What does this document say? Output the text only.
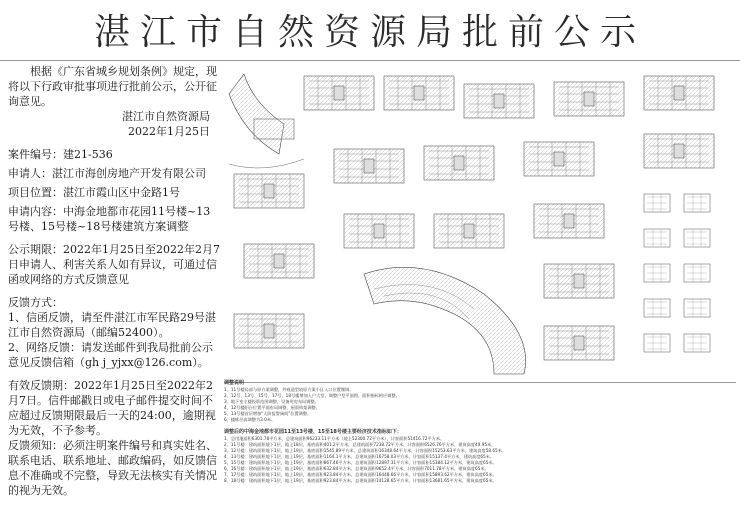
湛江市自然资源局批前公示

根据《广东省城乡规划条例》规定，现将以下行政审批事项进行批前公示，公开征询意见。

湛江市自然资源局

2022年1月25日

案件编号：建21-536

申请人：湛江市海创房地产开发有限公司

项目位置：湛江市霞山区中金路1号

申请内容：中海金地都市花园11号楼~13号楼、15号楼~18号楼建筑方案调整

公示期限：2022年1月25日至2022年2月7日申请人、利害关系人如有异议，可通过信函或网络的方式反馈意见

反馈方式：

1、信函反馈，请至件湛江市军民路29号湛江市自然资源局（邮编52400）。

2、网络反馈：请发送邮件到我局批前公示意见反馈信箱（gh j_yjxx@126.com）。

有效反馈期：2022年1月25日至2022年2月7日。信件邮戳日或电子邮件提交时间不应超过反馈期限最后一天的24:00，逾期视为无效，不予参考。

反馈须知：必须注明案件编号和真实姓名、联系电话、联系地址、邮政编码，如反馈信息不准确或不完整，导致无法核实有关情况的视为无效。

调整说明
1、11号楼局部与原方案调整，外观造型较原方案小区入口位置微调。
2、12号、13号、15号、17号、18号楼增加入户大堂，调整户型平面图，面积指标相应调整。
3、地下室主楼投影范围调整，设备用房布局调整。
4、12号楼阳台位置平面布局调整，屋面构架调整。
5、13号楼首层增加"人防报警阀间"位置调整。
6、楼栋层高调整为3.0米。
调整后的中海金地都市花园11至13号楼、15至18号楼主要经济技术指标如下：
1、总用地面积6301.78平方米，总建筑面积96233.11平方米（地上52300.72平方米），计容面积51416.72平方米。
2、11号楼：建筑面积地下1层，地上18层，基底面积401.2平方米，总建筑面积7238.72平方米，计容面积6526.76平方米，建筑高度49.95米。
3、12号楼：建筑面积地下1层，地上19层，基底面积1545.89平方米，总建筑面积16348.64平方米，计容面积15253.63平方米，建筑高度58.65米。
4、13号楼：建筑面积地下1层，地上19层，基底面积1164.1平方米，总建筑面积16758.03平方米，计容面积15137.4平方米，建筑高度65米。
5、15号楼：建筑面积地下1层，地上19层，基底面积867.46平方米，总建筑面积12897.31平方米，计容面积15384.12平方米，建筑高度65米。
6、16号楼：建筑面积地下1层，地上19层，基底面积632.84平方米，总建筑面积9652.4平方米，计容面积7011.78平方米，建筑高度65米。
7、17号楼：建筑面积地下1层，地上19层，基底面积923.84平方米，总建筑面积16448.66平方米，计容面积15893.62平方米，建筑高度65米。
8、18号楼：建筑面积地下1层，地上19层，基底面积923.84平方米，总建筑面积14128.65平方米，计容面积13681.65平方米，建筑高度65米。
